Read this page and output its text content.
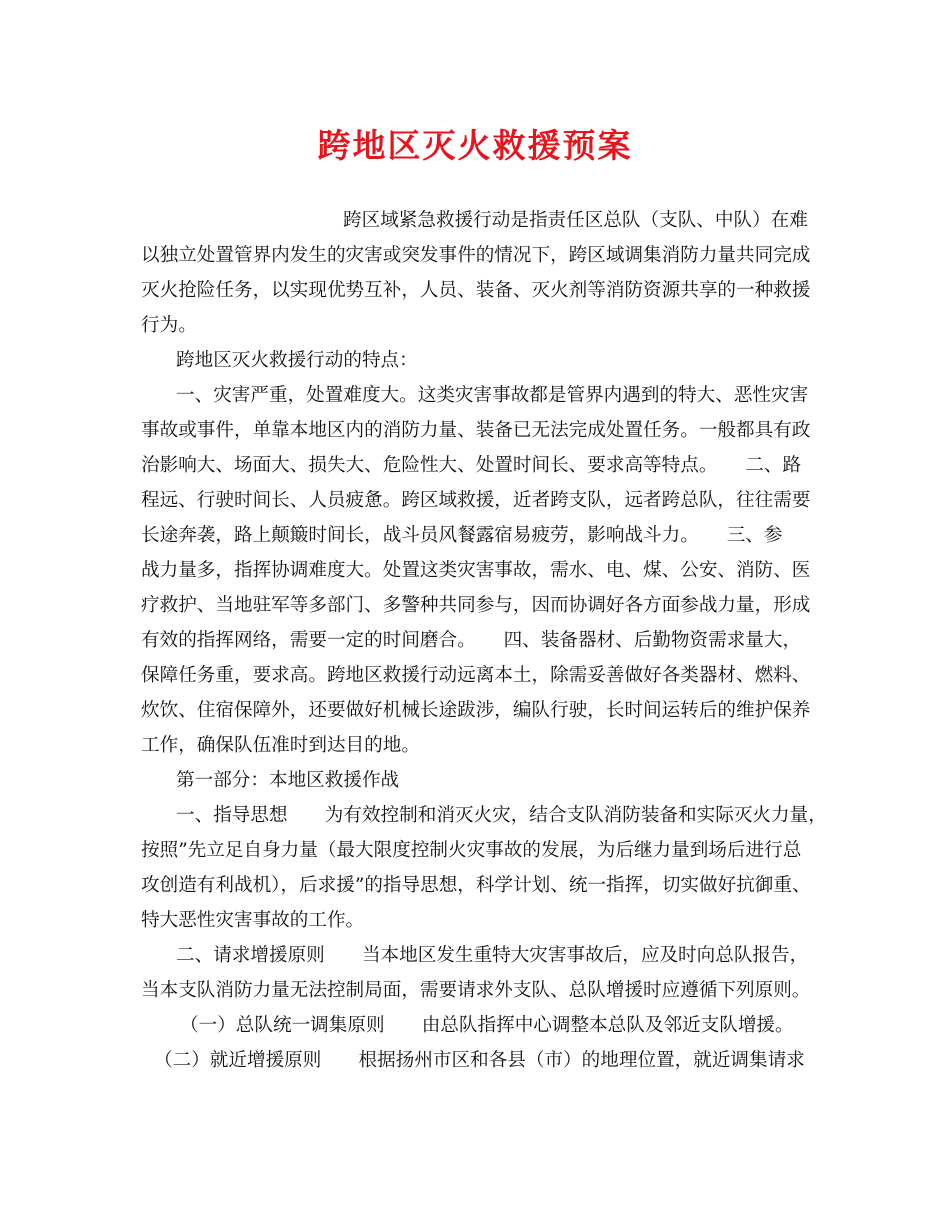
跨地区灭火救援预案
跨区域紧急救援行动是指责任区总队（支队、中队）在难
以独立处置管界内发生的灾害或突发事件的情况下，跨区域调集消防力量共同完成
灭火抢险任务，以实现优势互补，人员、装备、灭火剂等消防资源共享的一种救援
行为。
跨地区灭火救援行动的特点：
一、灾害严重，处置难度大。这类灾害事故都是管界内遇到的特大、恶性灾害
事故或事件，单靠本地区内的消防力量、装备已无法完成处置任务。一般都具有政
治影响大、场面大、损失大、危险性大、处置时间长、要求高等特点。　　二、路
程远、行驶时间长、人员疲惫。跨区域救援，近者跨支队，远者跨总队，往往需要
长途奔袭，路上颠簸时间长，战斗员风餐露宿易疲劳，影响战斗力。　　三、参
战力量多，指挥协调难度大。处置这类灾害事故，需水、电、煤、公安、消防、医
疗救护、当地驻军等多部门、多警种共同参与，因而协调好各方面参战力量，形成
有效的指挥网络，需要一定的时间磨合。　　四、装备器材、后勤物资需求量大，
保障任务重，要求高。跨地区救援行动远离本土，除需妥善做好各类器材、燃料、
炊饮、住宿保障外，还要做好机械长途跋涉，编队行驶，长时间运转后的维护保养
工作，确保队伍准时到达目的地。
第一部分：本地区救援作战
一、指导思想　　为有效控制和消灭火灾，结合支队消防装备和实际灭火力量，
按照”先立足自身力量（最大限度控制火灾事故的发展，为后继力量到场后进行总
攻创造有利战机），后求援”的指导思想，科学计划、统一指挥，切实做好抗御重、
特大恶性灾害事故的工作。
二、请求增援原则　　当本地区发生重特大灾害事故后，应及时向总队报告，
当本支队消防力量无法控制局面，需要请求外支队、总队增援时应遵循下列原则。
（一）总队统一调集原则　　由总队指挥中心调整本总队及邻近支队增援。
（二）就近增援原则　　根据扬州市区和各县（市）的地理位置，就近调集请求
